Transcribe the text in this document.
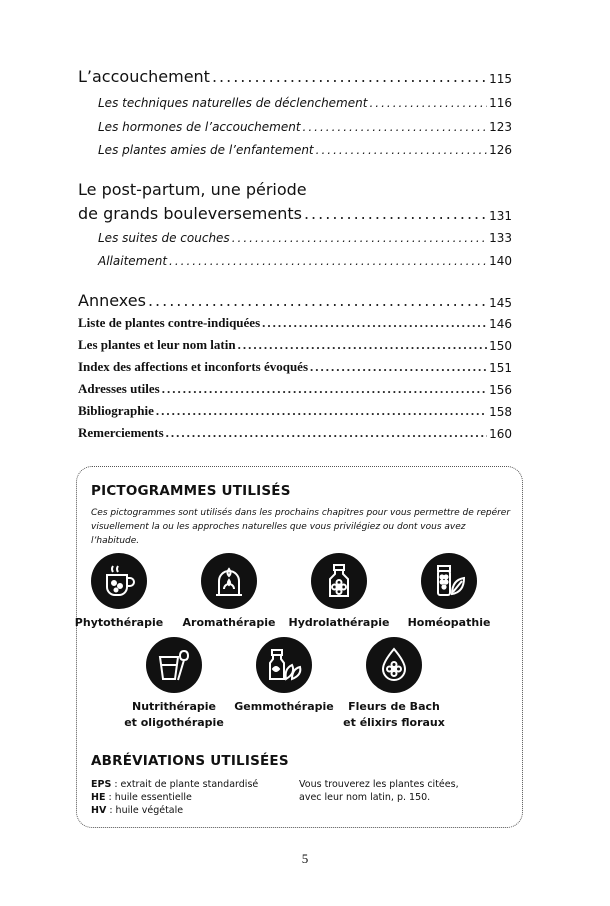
L’accouchement .....	115
Les techniques naturelles de déclenchement .....	116
Les hormones de l’accouchement .....	123
Les plantes amies de l’enfantement .....	126
Le post-partum, une période
de grands bouleversements .....	131
Les suites de couches .....	133
Allaitement .....	140
Annexes .....	145
Liste de plantes contre-indiquées .....	146
Les plantes et leur nom latin .....	150
Index des affections et inconforts évoqués .....	151
Adresses utiles .....	156
Bibliographie .....	158
Remerciements .....	160
PICTOGRAMMES UTILISÉS
Ces pictogrammes sont utilisés dans les prochains chapitres pour vous permettre de repérer visuellement la ou les approches naturelles que vous privilégiez ou dont vous avez l’habitude.
Phytothérapie	Aromathérapie	Hydrolathérapie	Homéopathie
Nutrithérapie
et oligothérapie
Gemmothérapie	Fleurs de Bach
et élixirs floraux
ABRÉVIATIONS UTILISÉES
EPS : extrait de plante standardisé
HE : huile essentielle
HV : huile végétale
Vous trouverez les plantes citées,
avec leur nom latin, p. 150.
5
